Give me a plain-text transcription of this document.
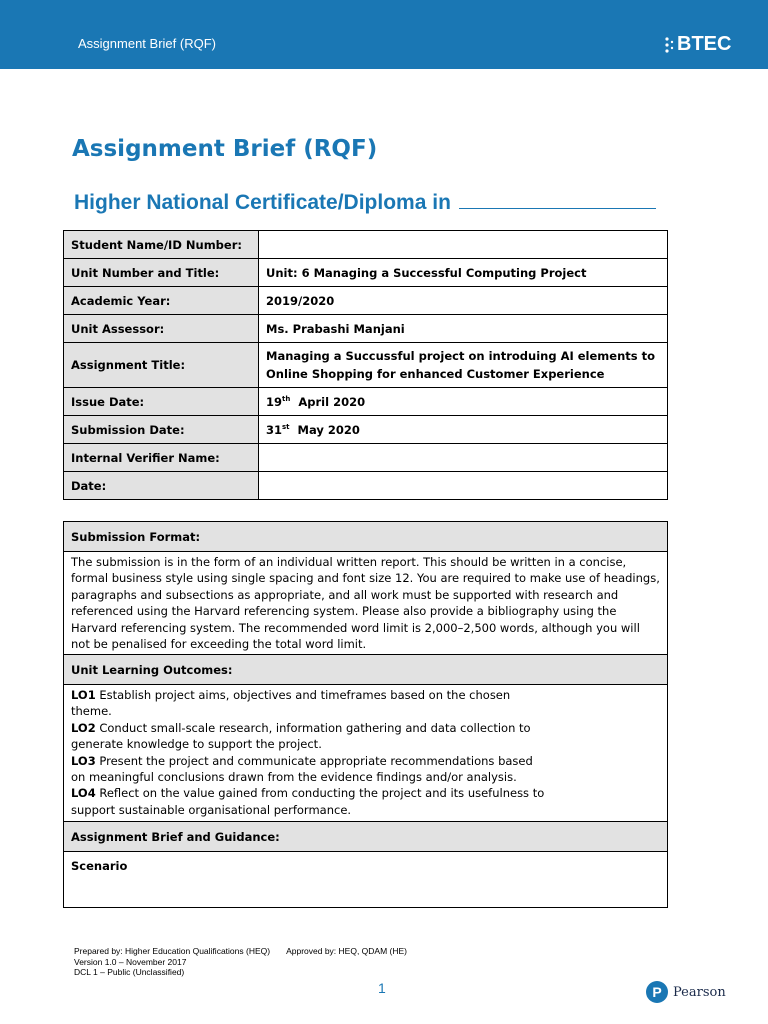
Assignment Brief (RQF)	BTEC
Assignment Brief (RQF)
Higher National Certificate/Diploma in
Student Name/ID Number:	
Unit Number and Title:	Unit: 6 Managing a Successful Computing Project
Academic Year:	2019/2020
Unit Assessor:	Ms. Prabashi Manjani
Assignment Title:	Managing a Succussful project on introduing AI elements to Online Shopping for enhanced Customer Experience
Issue Date:	19th April 2020
Submission Date:	31st May 2020
Internal Verifier Name:	
Date:	
Submission Format:
The submission is in the form of an individual written report. This should be written in a concise, formal business style using single spacing and font size 12. You are required to make use of headings, paragraphs and subsections as appropriate, and all work must be supported with research and referenced using the Harvard referencing system. Please also provide a bibliography using the Harvard referencing system. The recommended word limit is 2,000–2,500 words, although you will not be penalised for exceeding the total word limit.
Unit Learning Outcomes:

LO1 Establish project aims, objectives and timeframes based on the chosen
theme.
LO2 Conduct small-scale research, information gathering and data collection to
generate knowledge to support the project.
LO3 Present the project and communicate appropriate recommendations based
on meaningful conclusions drawn from the evidence findings and/or analysis.
LO4 Reflect on the value gained from conducting the project and its usefulness to
support sustainable organisational performance.

Assignment Brief and Guidance:
Scenario
Prepared by: Higher Education Qualifications (HEQ) Approved by: HEQ, QDAM (HE)
Version 1.0 – November 2017
DCL 1 – Public (Unclassified)
1	P Pearson
